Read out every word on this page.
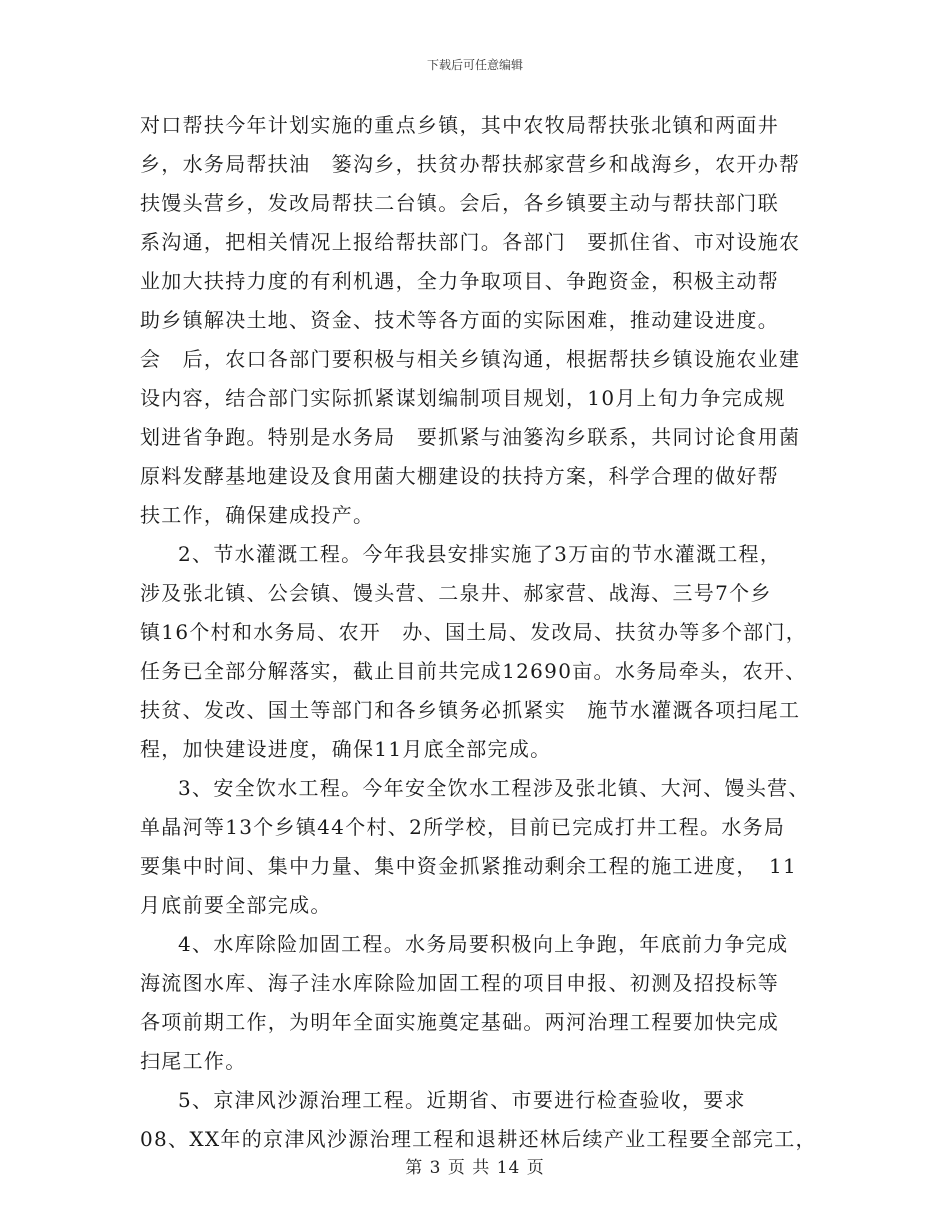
下载后可任意编辑
对口帮扶今年计划实施的重点乡镇，其中农牧局帮扶张北镇和两面井
乡，水务局帮扶油　篓沟乡，扶贫办帮扶郝家营乡和战海乡，农开办帮
扶馒头营乡，发改局帮扶二台镇。会后，各乡镇要主动与帮扶部门联
系沟通，把相关情况上报给帮扶部门。各部门　要抓住省、市对设施农
业加大扶持力度的有利机遇，全力争取项目、争跑资金，积极主动帮
助乡镇解决土地、资金、技术等各方面的实际困难，推动建设进度。
会　后，农口各部门要积极与相关乡镇沟通，根据帮扶乡镇设施农业建
设内容，结合部门实际抓紧谋划编制项目规划，10月上旬力争完成规
划进省争跑。特别是水务局　要抓紧与油篓沟乡联系，共同讨论食用菌
原料发酵基地建设及食用菌大棚建设的扶持方案，科学合理的做好帮
扶工作，确保建成投产。
2、节水灌溉工程。今年我县安排实施了3万亩的节水灌溉工程，
涉及张北镇、公会镇、馒头营、二泉井、郝家营、战海、三号7个乡
镇16个村和水务局、农开　办、国土局、发改局、扶贫办等多个部门，
任务已全部分解落实，截止目前共完成12690亩。水务局牵头，农开、
扶贫、发改、国土等部门和各乡镇务必抓紧实　施节水灌溉各项扫尾工
程，加快建设进度，确保11月底全部完成。
3、安全饮水工程。今年安全饮水工程涉及张北镇、大河、馒头营、
单晶河等13个乡镇44个村、2所学校，目前已完成打井工程。水务局
要集中时间、集中力量、集中资金抓紧推动剩余工程的施工进度，　11
月底前要全部完成。
4、水库除险加固工程。水务局要积极向上争跑，年底前力争完成
海流图水库、海子洼水库除险加固工程的项目申报、初测及招投标等
各项前期工作，为明年全面实施奠定基础。两河治理工程要加快完成
扫尾工作。
5、京津风沙源治理工程。近期省、市要进行检查验收，要求
08、XX年的京津风沙源治理工程和退耕还林后续产业工程要全部完工，
第 3 页 共 14 页
